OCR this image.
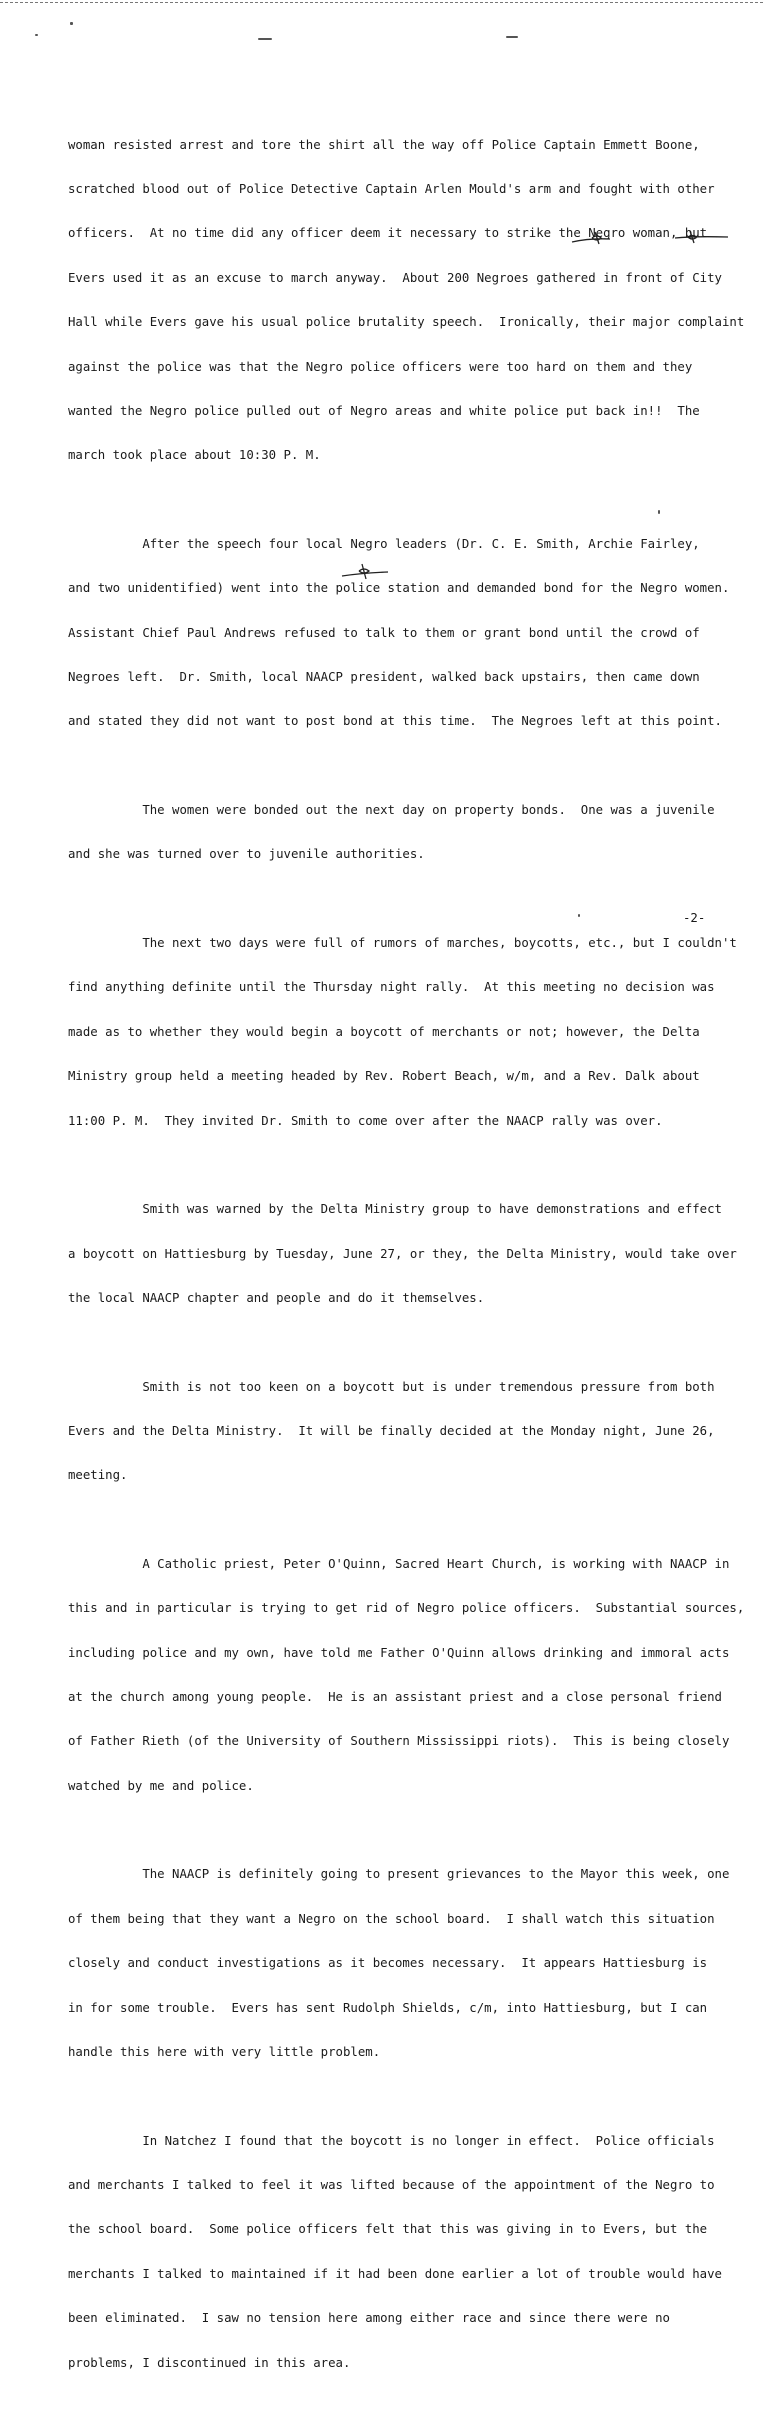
woman resisted arrest and tore the shirt all the way off Police Captain Emmett Boone,

scratched blood out of Police Detective Captain Arlen Mould's arm and fought with other

officers.  At no time did any officer deem it necessary to strike the Negro woman, but

Evers used it as an excuse to march anyway.  About 200 Negroes gathered in front of City

Hall while Evers gave his usual police brutality speech.  Ironically, their major complaint

against the police was that the Negro police officers were too hard on them and they

wanted the Negro police pulled out of Negro areas and white police put back in!!  The

march took place about 10:30 P. M.

After the speech four local Negro leaders (Dr. C. E. Smith, Archie Fairley,

and two unidentified) went into the police station and demanded bond for the Negro women.

Assistant Chief Paul Andrews refused to talk to them or grant bond until the crowd of

Negroes left.  Dr. Smith, local NAACP president, walked back upstairs, then came down

and stated they did not want to post bond at this time.  The Negroes left at this point.

The women were bonded out the next day on property bonds.  One was a juvenile

and she was turned over to juvenile authorities.

The next two days were full of rumors of marches, boycotts, etc., but I couldn't

find anything definite until the Thursday night rally.  At this meeting no decision was

made as to whether they would begin a boycott of merchants or not; however, the Delta

Ministry group held a meeting headed by Rev. Robert Beach, w/m, and a Rev. Dalk about

11:00 P. M.  They invited Dr. Smith to come over after the NAACP rally was over.

Smith was warned by the Delta Ministry group to have demonstrations and effect

a boycott on Hattiesburg by Tuesday, June 27, or they, the Delta Ministry, would take over

the local NAACP chapter and people and do it themselves.

Smith is not too keen on a boycott but is under tremendous pressure from both

Evers and the Delta Ministry.  It will be finally decided at the Monday night, June 26,

meeting.

A Catholic priest, Peter O'Quinn, Sacred Heart Church, is working with NAACP in

this and in particular is trying to get rid of Negro police officers.  Substantial sources,

including police and my own, have told me Father O'Quinn allows drinking and immoral acts

at the church among young people.  He is an assistant priest and a close personal friend

of Father Rieth (of the University of Southern Mississippi riots).  This is being closely

watched by me and police.

The NAACP is definitely going to present grievances to the Mayor this week, one

of them being that they want a Negro on the school board.  I shall watch this situation

closely and conduct investigations as it becomes necessary.  It appears Hattiesburg is

in for some trouble.  Evers has sent Rudolph Shields, c/m, into Hattiesburg, but I can

handle this here with very little problem.

In Natchez I found that the boycott is no longer in effect.  Police officials

and merchants I talked to feel it was lifted because of the appointment of the Negro to

the school board.  Some police officers felt that this was giving in to Evers, but the

merchants I talked to maintained if it had been done earlier a lot of trouble would have

been eliminated.  I saw no tension here among either race and since there were no

problems, I discontinued in this area.

-2-
